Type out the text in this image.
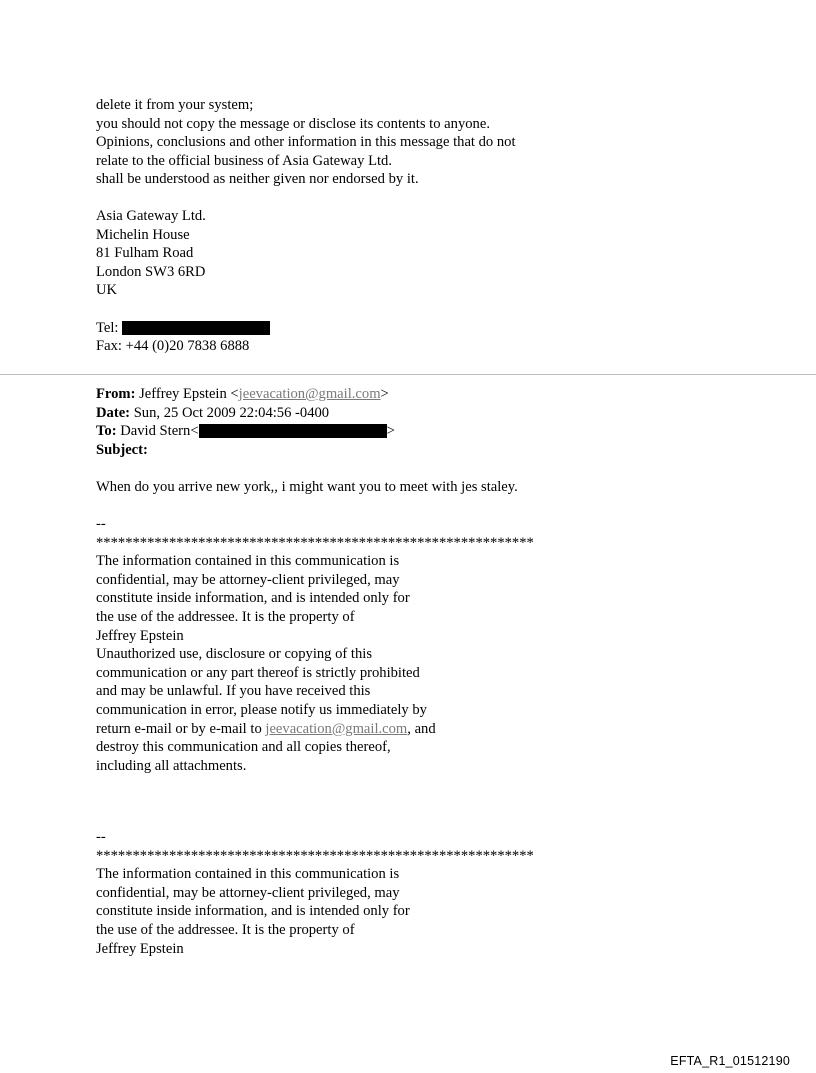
delete it from your system;
you should not copy the message or disclose its contents to anyone.
Opinions, conclusions and other information in this message that do not
relate to the official business of Asia Gateway Ltd.
shall be understood as neither given nor endorsed by it.
Asia Gateway Ltd.
Michelin House
81 Fulham Road
London SW3 6RD
UK
Tel:
Fax: +44 (0)20 7838 6888
From: Jeffrey Epstein <jeevacation@gmail.com>
Date: Sun, 25 Oct 2009 22:04:56 -0400
To: David Stern<	>
Subject:
When do you arrive new york,, i might want you to meet with jes staley.
--
************************************************************
The information contained in this communication is
confidential, may be attorney-client privileged, may
constitute inside information, and is intended only for
the use of the addressee. It is the property of
Jeffrey Epstein
Unauthorized use, disclosure or copying of this
communication or any part thereof is strictly prohibited
and may be unlawful. If you have received this
communication in error, please notify us immediately by
return e-mail or by e-mail to jeevacation@gmail.com, and
destroy this communication and all copies thereof,
including all attachments.
--
************************************************************
The information contained in this communication is
confidential, may be attorney-client privileged, may
constitute inside information, and is intended only for
the use of the addressee. It is the property of
Jeffrey Epstein
EFTA_R1_01512190
